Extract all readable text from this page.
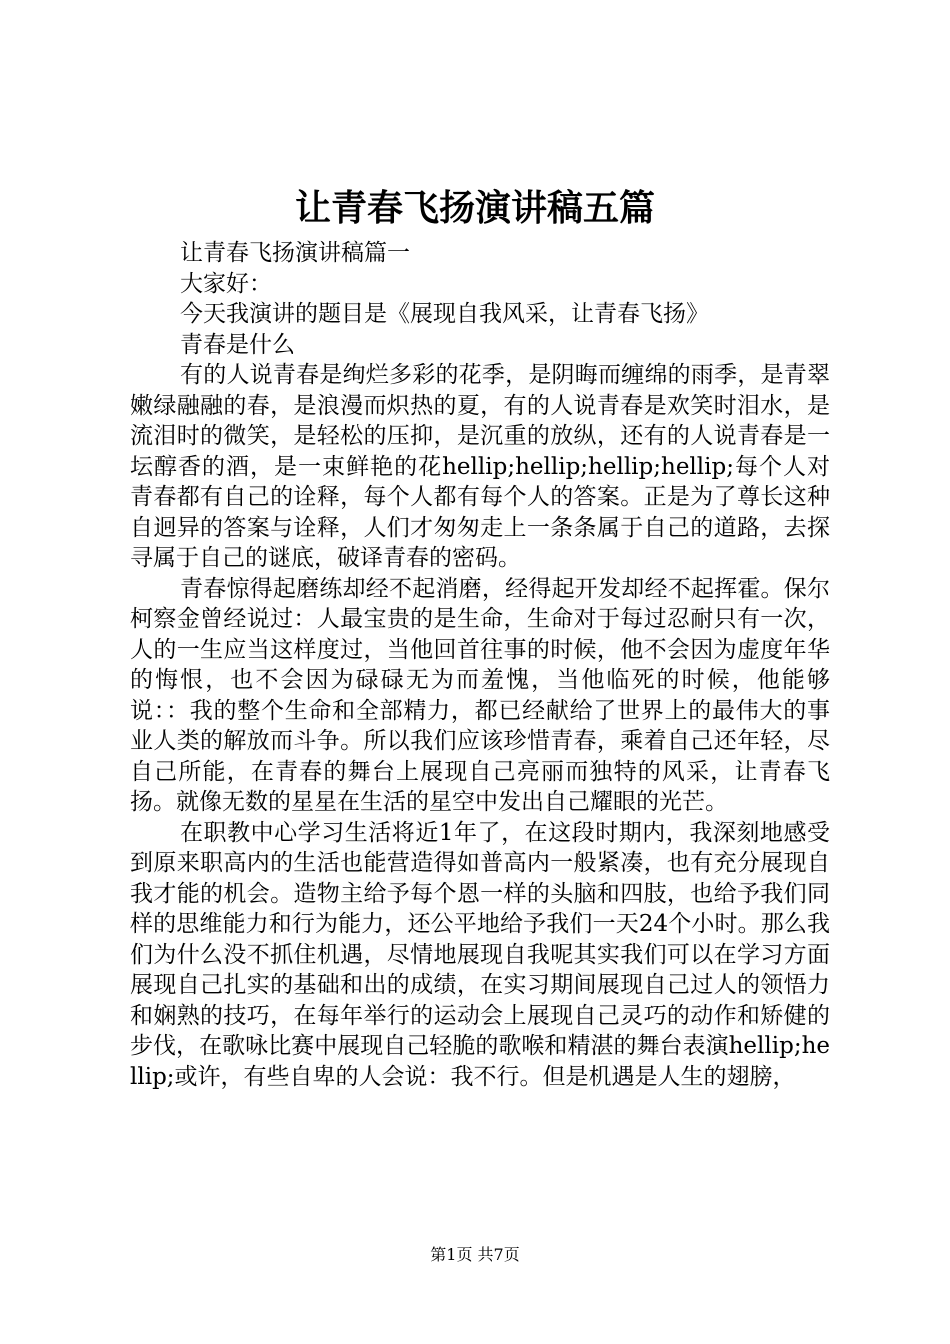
让青春飞扬演讲稿五篇

让青春飞扬演讲稿篇一

大家好：

今天我演讲的题目是《展现自我风采，让青春飞扬》

青春是什么

有的人说青春是绚烂多彩的花季，是阴晦而缠绵的雨季，是青翠嫩绿融融的春，是浪漫而炽热的夏，有的人说青春是欢笑时泪水，是流泪时的微笑，是轻松的压抑，是沉重的放纵，还有的人说青春是一坛醇香的酒，是一束鲜艳的花hellip;hellip;hellip;hellip;每个人对青春都有自己的诠释，每个人都有每个人的答案。正是为了尊长这种自迥异的答案与诠释，人们才匆匆走上一条条属于自己的道路，去探寻属于自己的谜底，破译青春的密码。

青春惊得起磨练却经不起消磨，经得起开发却经不起挥霍。保尔柯察金曾经说过：人最宝贵的是生命，生命对于每过忍耐只有一次，人的一生应当这样度过，当他回首往事的时候，他不会因为虚度年华的悔恨，也不会因为碌碌无为而羞愧，当他临死的时候，他能够说：：我的整个生命和全部精力，都已经献给了世界上的最伟大的事业人类的解放而斗争。所以我们应该珍惜青春，乘着自己还年轻，尽自己所能，在青春的舞台上展现自己亮丽而独特的风采，让青春飞扬。就像无数的星星在生活的星空中发出自己耀眼的光芒。

在职教中心学习生活将近1年了，在这段时期内，我深刻地感受到原来职高内的生活也能营造得如普高内一般紧凑，也有充分展现自我才能的机会。造物主给予每个恩一样的头脑和四肢，也给予我们同样的思维能力和行为能力，还公平地给予我们一天24个小时。那么我们为什么没不抓住机遇，尽情地展现自我呢其实我们可以在学习方面展现自己扎实的基础和出的成绩，在实习期间展现自己过人的领悟力和娴熟的技巧，在每年举行的运动会上展现自己灵巧的动作和矫健的步伐，在歌咏比赛中展现自己轻脆的歌喉和精湛的舞台表演hellip;hellip;或许，有些自卑的人会说：我不行。但是机遇是人生的翅膀，

第1页 共7页
